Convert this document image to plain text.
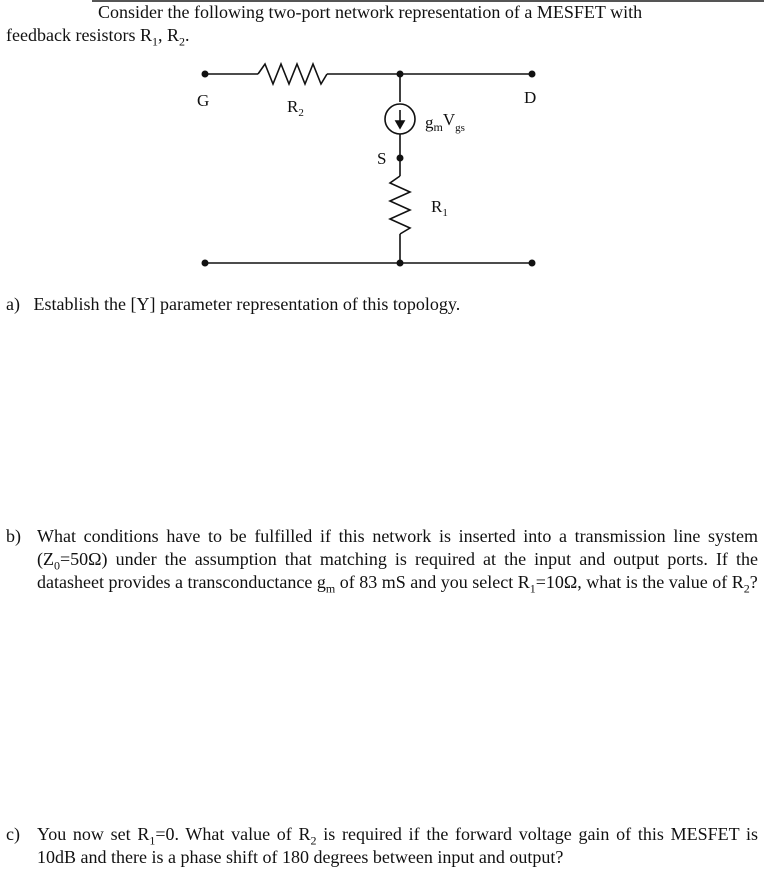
Consider the following two-port network representation of a MESFET with

feedback resistors $R_1$, $R_2$.

G	D
S
$R_2$
$R_1$
gmV$_{gs}$

a) Establish the [Y] parameter representation of this topology.

b) What conditions have to be fulfilled if this network is inserted into a transmission line system $(Z_0=50\Omega)$ under the assumption that matching is required at the input and output ports. If the datasheet provides a transconductance $g_m$ of 83 mS and you select $R_1=10\Omega$, what is the value of $R_2$?
c) You now set $R_1=0$. What value of $R_2$ is required if the forward voltage gain of this MESFET is 10dB and there is a phase shift of 180 degrees between input and output?
